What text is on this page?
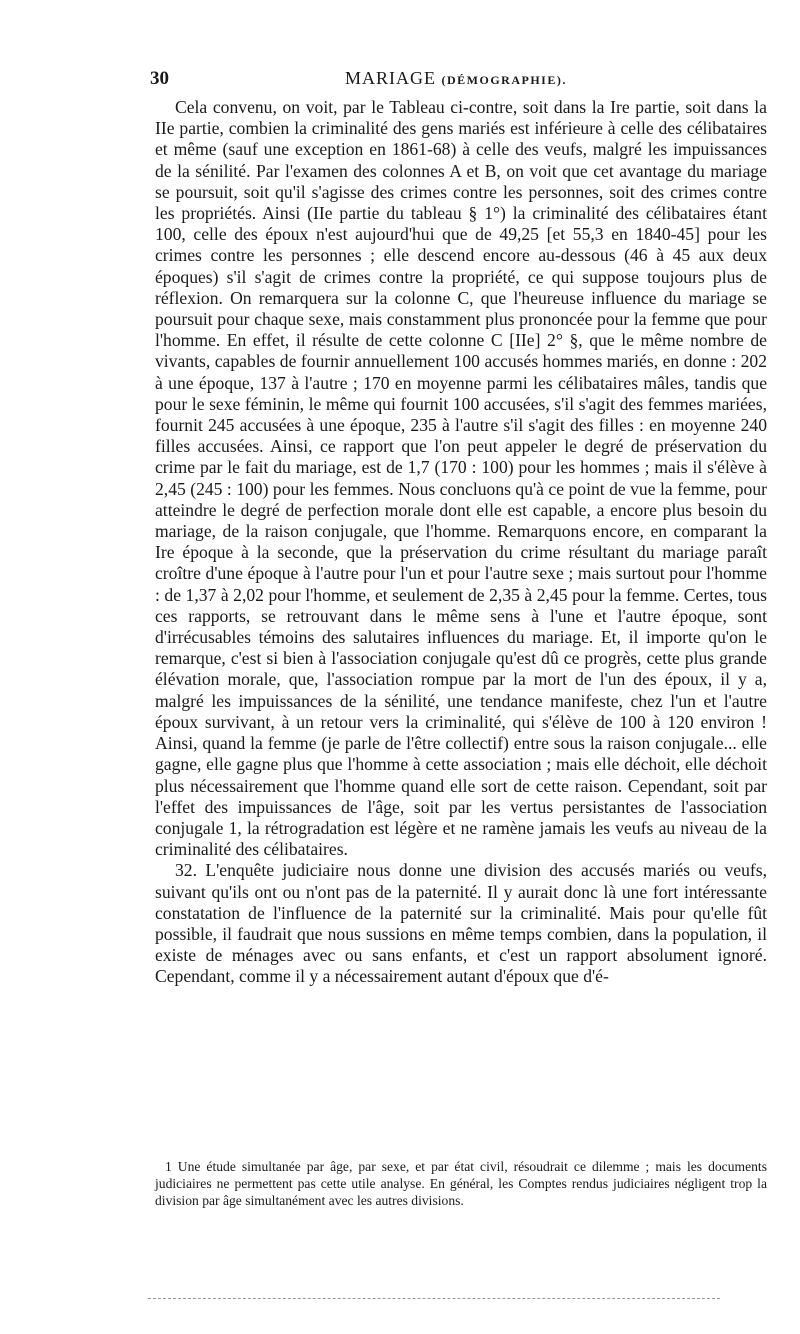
30	MARIAGE (DÉMOGRAPHIE).

Cela convenu, on voit, par le Tableau ci-contre, soit dans la Ire partie, soit dans la IIe partie, combien la criminalité des gens mariés est inférieure à celle des célibataires et même (sauf une exception en 1861-68) à celle des veufs, malgré les impuissances de la sénilité. Par l'examen des colonnes A et B, on voit que cet avantage du mariage se poursuit, soit qu'il s'agisse des crimes contre les personnes, soit des crimes contre les propriétés. Ainsi (IIe partie du tableau § 1°) la criminalité des célibataires étant 100, celle des époux n'est aujourd'hui que de 49,25 [et 55,3 en 1840-45] pour les crimes contre les personnes ; elle descend encore au-dessous (46 à 45 aux deux époques) s'il s'agit de crimes contre la propriété, ce qui suppose toujours plus de réflexion. On remarquera sur la colonne C, que l'heureuse influence du mariage se poursuit pour chaque sexe, mais constamment plus prononcée pour la femme que pour l'homme. En effet, il résulte de cette colonne C [IIe] 2° §, que le même nombre de vivants, capables de fournir annuellement 100 accusés hommes mariés, en donne : 202 à une époque, 137 à l'autre ; 170 en moyenne parmi les célibataires mâles, tandis que pour le sexe féminin, le même qui fournit 100 accusées, s'il s'agit des femmes mariées, fournit 245 accusées à une époque, 235 à l'autre s'il s'agit des filles : en moyenne 240 filles accusées. Ainsi, ce rapport que l'on peut appeler le degré de préservation du crime par le fait du mariage, est de 1,7 (170 : 100) pour les hommes ; mais il s'élève à 2,45 (245 : 100) pour les femmes. Nous concluons qu'à ce point de vue la femme, pour atteindre le degré de perfection morale dont elle est capable, a encore plus besoin du mariage, de la raison conjugale, que l'homme. Remarquons encore, en comparant la Ire époque à la seconde, que la préservation du crime résultant du mariage paraît croître d'une époque à l'autre pour l'un et pour l'autre sexe ; mais surtout pour l'homme : de 1,37 à 2,02 pour l'homme, et seulement de 2,35 à 2,45 pour la femme. Certes, tous ces rapports, se retrouvant dans le même sens à l'une et l'autre époque, sont d'irrécusables témoins des salutaires influences du mariage. Et, il importe qu'on le remarque, c'est si bien à l'association conjugale qu'est dû ce progrès, cette plus grande élévation morale, que, l'association rompue par la mort de l'un des époux, il y a, malgré les impuissances de la sénilité, une tendance manifeste, chez l'un et l'autre époux survivant, à un retour vers la criminalité, qui s'élève de 100 à 120 environ ! Ainsi, quand la femme (je parle de l'être collectif) entre sous la raison conjugale... elle gagne, elle gagne plus que l'homme à cette association ; mais elle déchoit, elle déchoit plus nécessairement que l'homme quand elle sort de cette raison. Cependant, soit par l'effet des impuissances de l'âge, soit par les vertus persistantes de l'association conjugale 1, la rétrogradation est légère et ne ramène jamais les veufs au niveau de la criminalité des célibataires.

32. L'enquête judiciaire nous donne une division des accusés mariés ou veufs, suivant qu'ils ont ou n'ont pas de la paternité. Il y aurait donc là une fort intéressante constatation de l'influence de la paternité sur la criminalité. Mais pour qu'elle fût possible, il faudrait que nous sussions en même temps combien, dans la population, il existe de ménages avec ou sans enfants, et c'est un rapport absolument ignoré. Cependant, comme il y a nécessairement autant d'époux que d'é-

1 Une étude simultanée par âge, par sexe, et par état civil, résoudrait ce dilemme ; mais les documents judiciaires ne permettent pas cette utile analyse. En général, les Comptes rendus judiciaires négligent trop la division par âge simultanément avec les autres divisions.
